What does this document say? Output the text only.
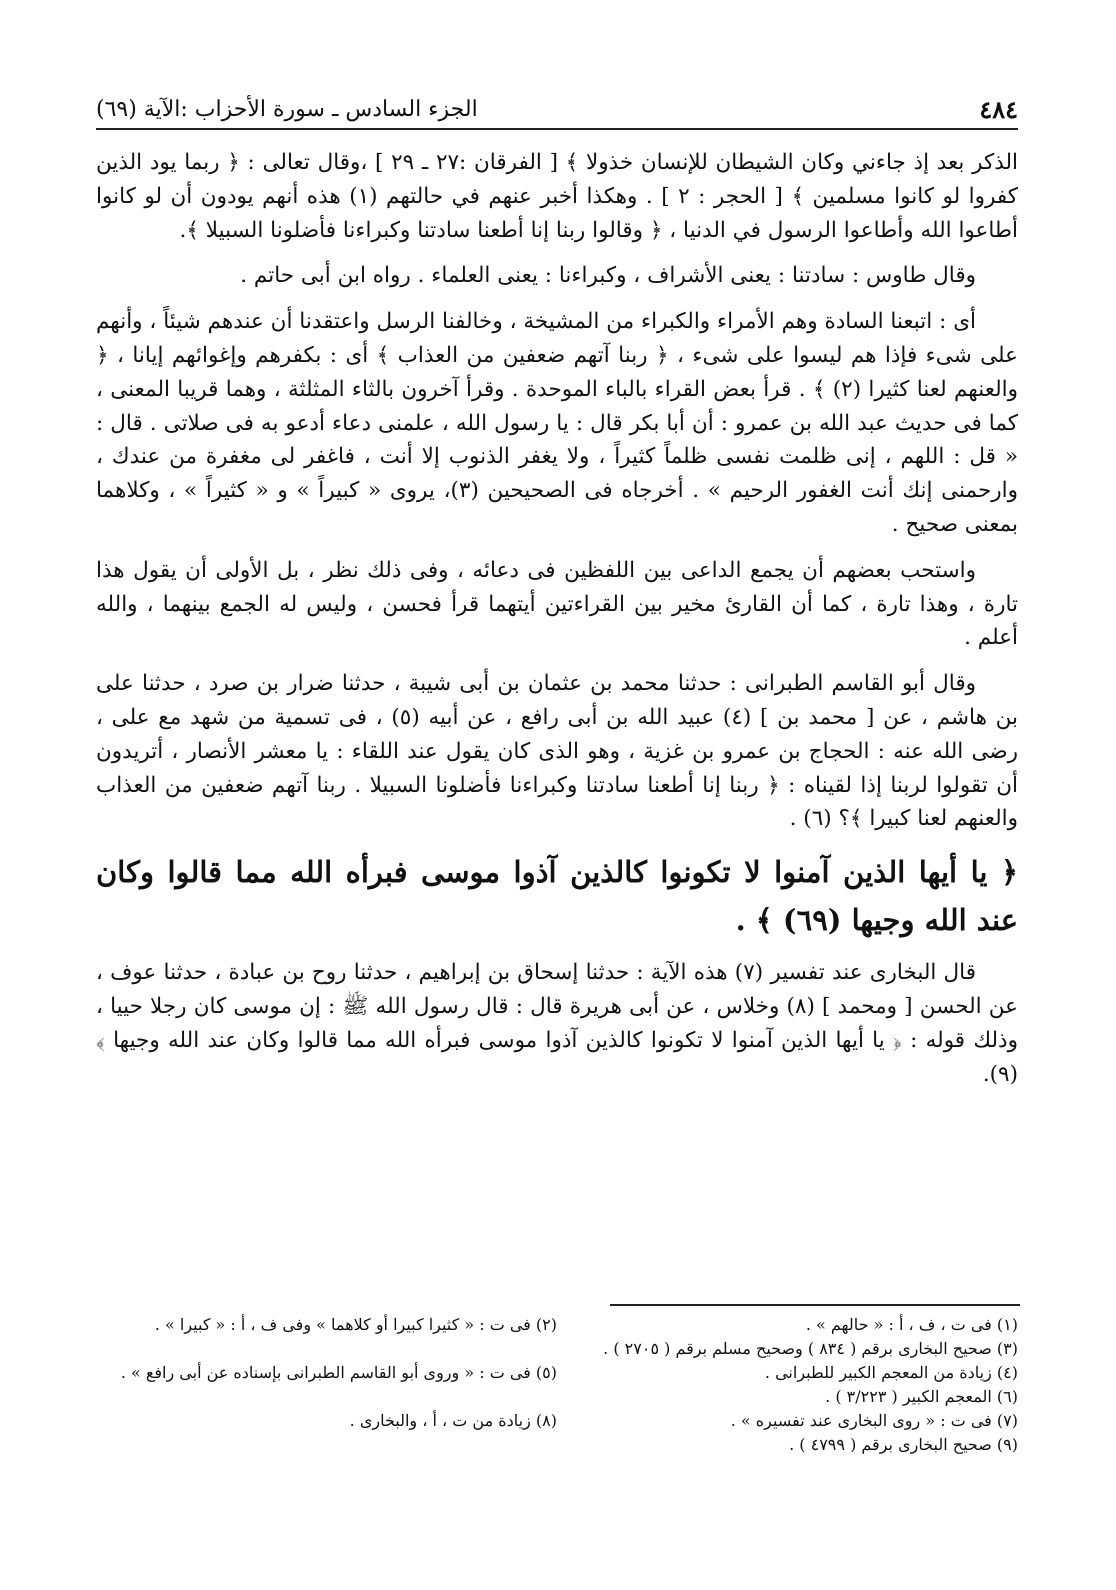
٤٨٤
الجزء السادس ـ سورة الأحزاب :الآية (٦٩)

الذكر بعد إذ جاءني وكان الشيطان للإنسان خذولا ﴾ [ الفرقان :٢٧ ـ ٢٩ ] ،وقال تعالى : ﴿ ربما يود الذين كفروا لو كانوا مسلمين ﴾ [ الحجر : ٢ ] . وهكذا أخبر عنهم في حالتهم (١) هذه أنهم يودون أن لو كانوا أطاعوا الله وأطاعوا الرسول في الدنيا ، ﴿ وقالوا ربنا إنا أطعنا سادتنا وكبراءنا فأضلونا السبيلا ﴾.

وقال طاوس : سادتنا : يعنى الأشراف ، وكبراءنا : يعنى العلماء . رواه ابن أبى حاتم .

أى : اتبعنا السادة وهم الأمراء والكبراء من المشيخة ، وخالفنا الرسل واعتقدنا أن عندهم شيئاً ، وأنهم على شىء فإذا هم ليسوا على شىء ، ﴿ ربنا آتهم ضعفين من العذاب ﴾ أى : بكفرهم وإغوائهم إيانا ، ﴿ والعنهم لعنا كثيرا (٢) ﴾ . قرأ بعض القراء بالباء الموحدة . وقرأ آخرون بالثاء المثلثة ، وهما قريبا المعنى ، كما فى حديث عبد الله بن عمرو : أن أبا بكر قال : يا رسول الله ، علمنى دعاء أدعو به فى صلاتى . قال : « قل : اللهم ، إنى ظلمت نفسى ظلماً كثيراً ، ولا يغفر الذنوب إلا أنت ، فاغفر لى مغفرة من عندك ، وارحمنى إنك أنت الغفور الرحيم » . أخرجاه فى الصحيحين (٣)، يروى « كبيراً » و « كثيراً » ، وكلاهما بمعنى صحيح .

واستحب بعضهم أن يجمع الداعى بين اللفظين فى دعائه ، وفى ذلك نظر ، بل الأولى أن يقول هذا تارة ، وهذا تارة ، كما أن القارئ مخير بين القراءتين أيتهما قرأ فحسن ، وليس له الجمع بينهما ، والله أعلم .

وقال أبو القاسم الطبرانى : حدثنا محمد بن عثمان بن أبى شيبة ، حدثنا ضرار بن صرد ، حدثنا على بن هاشم ، عن [ محمد بن ] (٤) عبيد الله بن أبى رافع ، عن أبيه (٥) ، فى تسمية من شهد مع على ، رضى الله عنه : الحجاج بن عمرو بن غزية ، وهو الذى كان يقول عند اللقاء : يا معشر الأنصار ، أتريدون أن تقولوا لربنا إذا لقيناه : ﴿ ربنا إنا أطعنا سادتنا وكبراءنا فأضلونا السبيلا . ربنا آتهم ضعفين من العذاب والعنهم لعنا كبيرا ﴾؟ (٦) .

﴿ يا أيها الذين آمنوا لا تكونوا كالذين آذوا موسى فبرأه الله مما قالوا وكان عند الله وجيها (٦٩) ﴾ .

قال البخارى عند تفسير (٧) هذه الآية : حدثنا إسحاق بن إبراهيم ، حدثنا روح بن عبادة ، حدثنا عوف ، عن الحسن [ ومحمد ] (٨) وخلاس ، عن أبى هريرة قال : قال رسول الله ﷺ : إن موسى كان رجلا حييا ، وذلك قوله : ﴿ يا أيها الذين آمنوا لا تكونوا كالذين آذوا موسى فبرأه الله مما قالوا وكان عند الله وجيها ﴾ (٩).

(١) فى ت ، ف ، أ : « حالهم » .
(٢) فى ت : « كثيرا كبيرا أو كلاهما » وفى ف ، أ : « كبيرا » .
(٣) صحيح البخارى برقم ( ٨٣٤ ) وصحيح مسلم برقم ( ٢٧٠٥ ) .
(٤) زيادة من المعجم الكبير للطبرانى .
(٥) فى ت : « وروى أبو القاسم الطبرانى بإسناده عن أبى رافع » .
(٦) المعجم الكبير ( ٣/٢٢٣ ) .
(٧) فى ت : « روى البخارى عند تفسيره » .
(٨) زيادة من ت ، أ ، والبخارى .
(٩) صحيح البخارى برقم ( ٤٧٩٩ ) .
